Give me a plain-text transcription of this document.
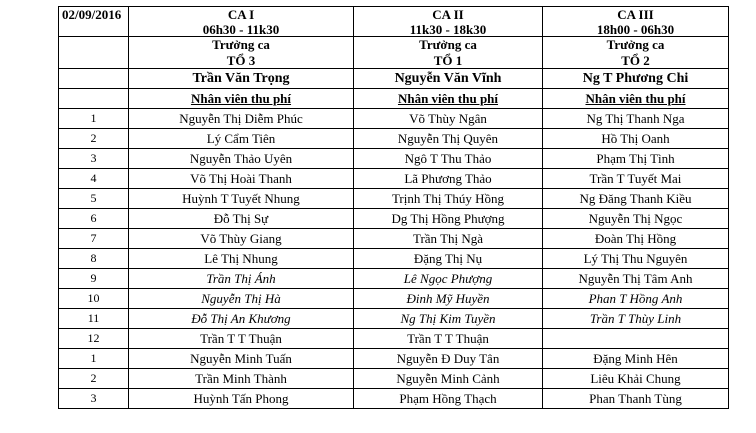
02/09/2016	CA I	CA II	CA III
	06h30 - 11k30	11k30 - 18k30	18h00 - 06h30
	Trưởng ca	Trưởng ca	Trưởng ca
	TỔ 3	TỔ 1	TỔ 2
	Trần Văn Trọng	Nguyễn Văn Vĩnh	Ng T Phương Chi
	Nhân viên thu phí	Nhân viên thu phí	Nhân viên thu phí
1	Nguyễn Thị Diễm Phúc	Võ Thùy Ngân	Ng Thị Thanh Nga
2	Lý Cẩm Tiên	Nguyễn Thị Quyên	Hồ Thị Oanh
3	Nguyễn Thảo Uyên	Ngô T Thu Thảo	Phạm Thị Tình
4	Võ Thị Hoài Thanh	Lã Phương Thảo	Trần T Tuyết Mai
5	Huỳnh T Tuyết Nhung	Trịnh Thị Thúy Hồng	Ng Đăng Thanh Kiều
6	Đỗ Thị Sự	Dg Thị Hồng Phượng	Nguyễn Thị Ngọc
7	Võ Thùy Giang	Trần Thị Ngà	Đoàn Thị Hồng
8	Lê Thị Nhung	Đặng Thị Nụ	Lý Thị Thu Nguyên
9	Trần Thị Ánh	Lê Ngọc Phượng	Nguyễn Thị Tâm Anh
10	Nguyễn Thị Hà	Đinh Mỹ Huyền	Phan T Hồng Anh
11	Đỗ Thị An Khương	Ng Thị Kim Tuyền	Trần T Thùy Linh
12	Trần T T Thuận	Trần T T Thuận	
1	Nguyễn Minh Tuấn	Nguyễn Đ Duy Tân	Đặng Minh Hên
2	Trần Minh Thành	Nguyễn Minh Cảnh	Liêu Khải Chung
3	Huỳnh Tấn Phong	Phạm Hồng Thạch	Phan Thanh Tùng
